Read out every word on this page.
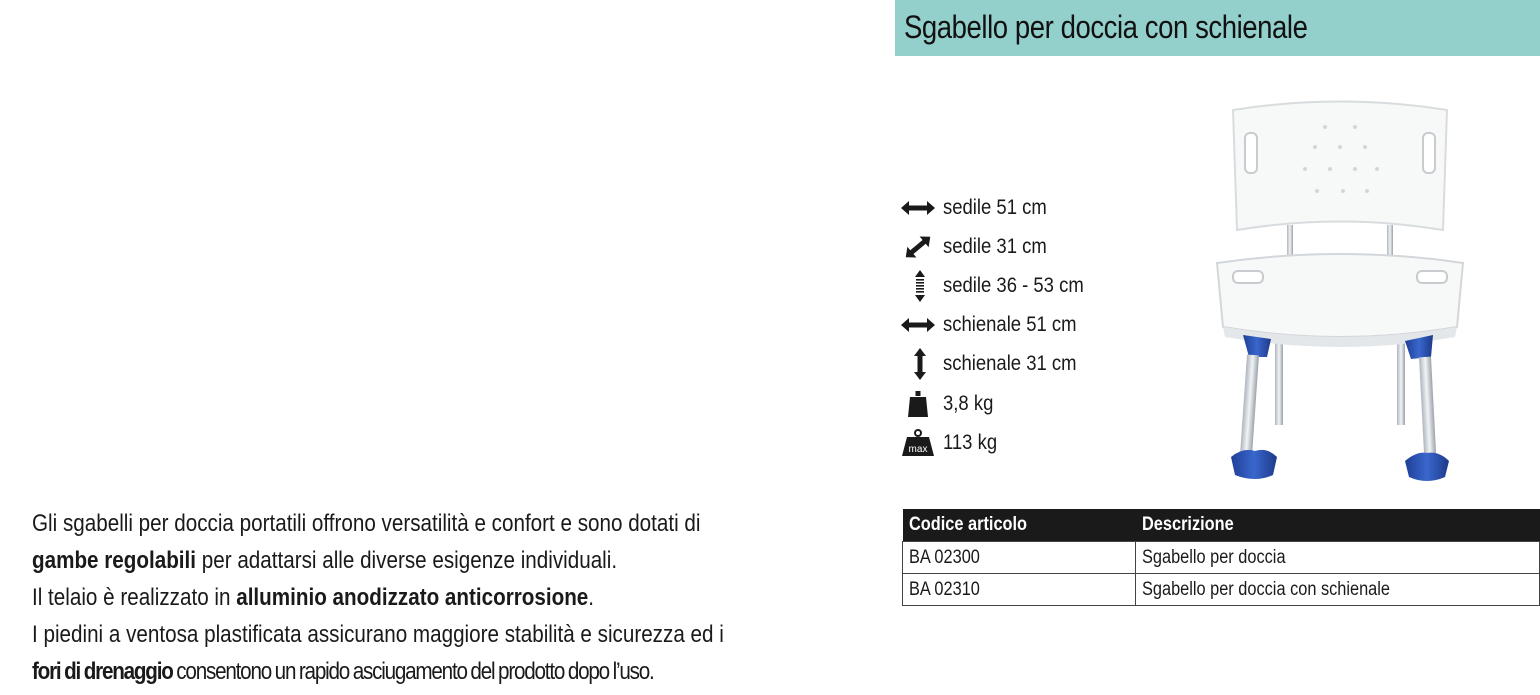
Sgabello per doccia con schienale
sedile 51 cm
sedile 31 cm
sedile 36 - 53 cm
schienale 51 cm
schienale 31 cm
3,8 kg
max 113 kg
Codice articolo	Descrizione
BA 02300	Sgabello per doccia
BA 02310	Sgabello per doccia con schienale

Gli sgabelli per doccia portatili offrono versatilità e confort e sono dotati di

gambe regolabili per adattarsi alle diverse esigenze individuali.

Il telaio è realizzato in alluminio anodizzato anticorrosione.

I piedini a ventosa plastificata assicurano maggiore stabilità e sicurezza ed i

fori di drenaggio consentono un rapido asciugamento del prodotto dopo l’uso.
